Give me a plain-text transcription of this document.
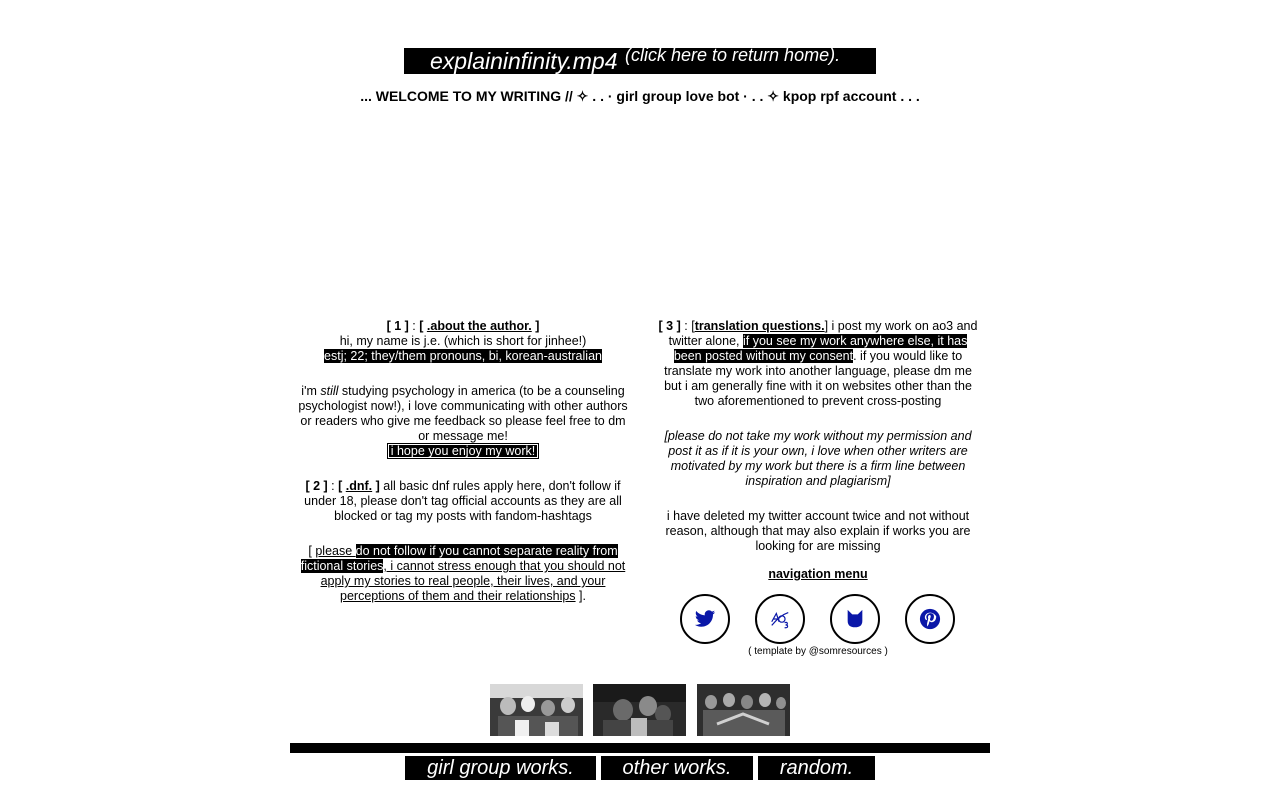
explaininfinity.mp4 (click here to return home).
... WELCOME TO MY WRITING // ✧ . . · girl group love bot · . . ✧ kpop rpf account . . .

[ 1 ] : [ .about the author. ]

hi, my name is j.e. (which is short for jinhee!)

estj; 22; they/them pronouns, bi, korean-australian

i'm still studying psychology in america (to be a counseling psychologist now!), i love communicating with other authors or readers who give me feedback so please feel free to dm or message me!

i hope you enjoy my work!

[ 2 ] : [ .dnf. ] all basic dnf rules apply here, don't follow if under 18, please don't tag official accounts as they are all blocked or tag my posts with fandom-hashtags

[ please do not follow if you cannot separate reality from fictional stories, i cannot stress enough that you should not apply my stories to real people, their lives, and your perceptions of them and their relationships ].

[ 3 ] : [translation questions.] i post my work on ao3 and twitter alone, if you see my work anywhere else, it has been posted without my consent. if you would like to translate my work into another language, please dm me but i am generally fine with it on websites other than the two aforementioned to prevent cross-posting

[please do not take my work without my permission and post it as if it is your own, i love when other writers are motivated by my work but there is a firm line between inspiration and plagiarism]

i have deleted my twitter account twice and not without reason, although that may also explain if works you are looking for are missing

navigation menu

( template by @somresources )
girl group works.	other works.	random.
